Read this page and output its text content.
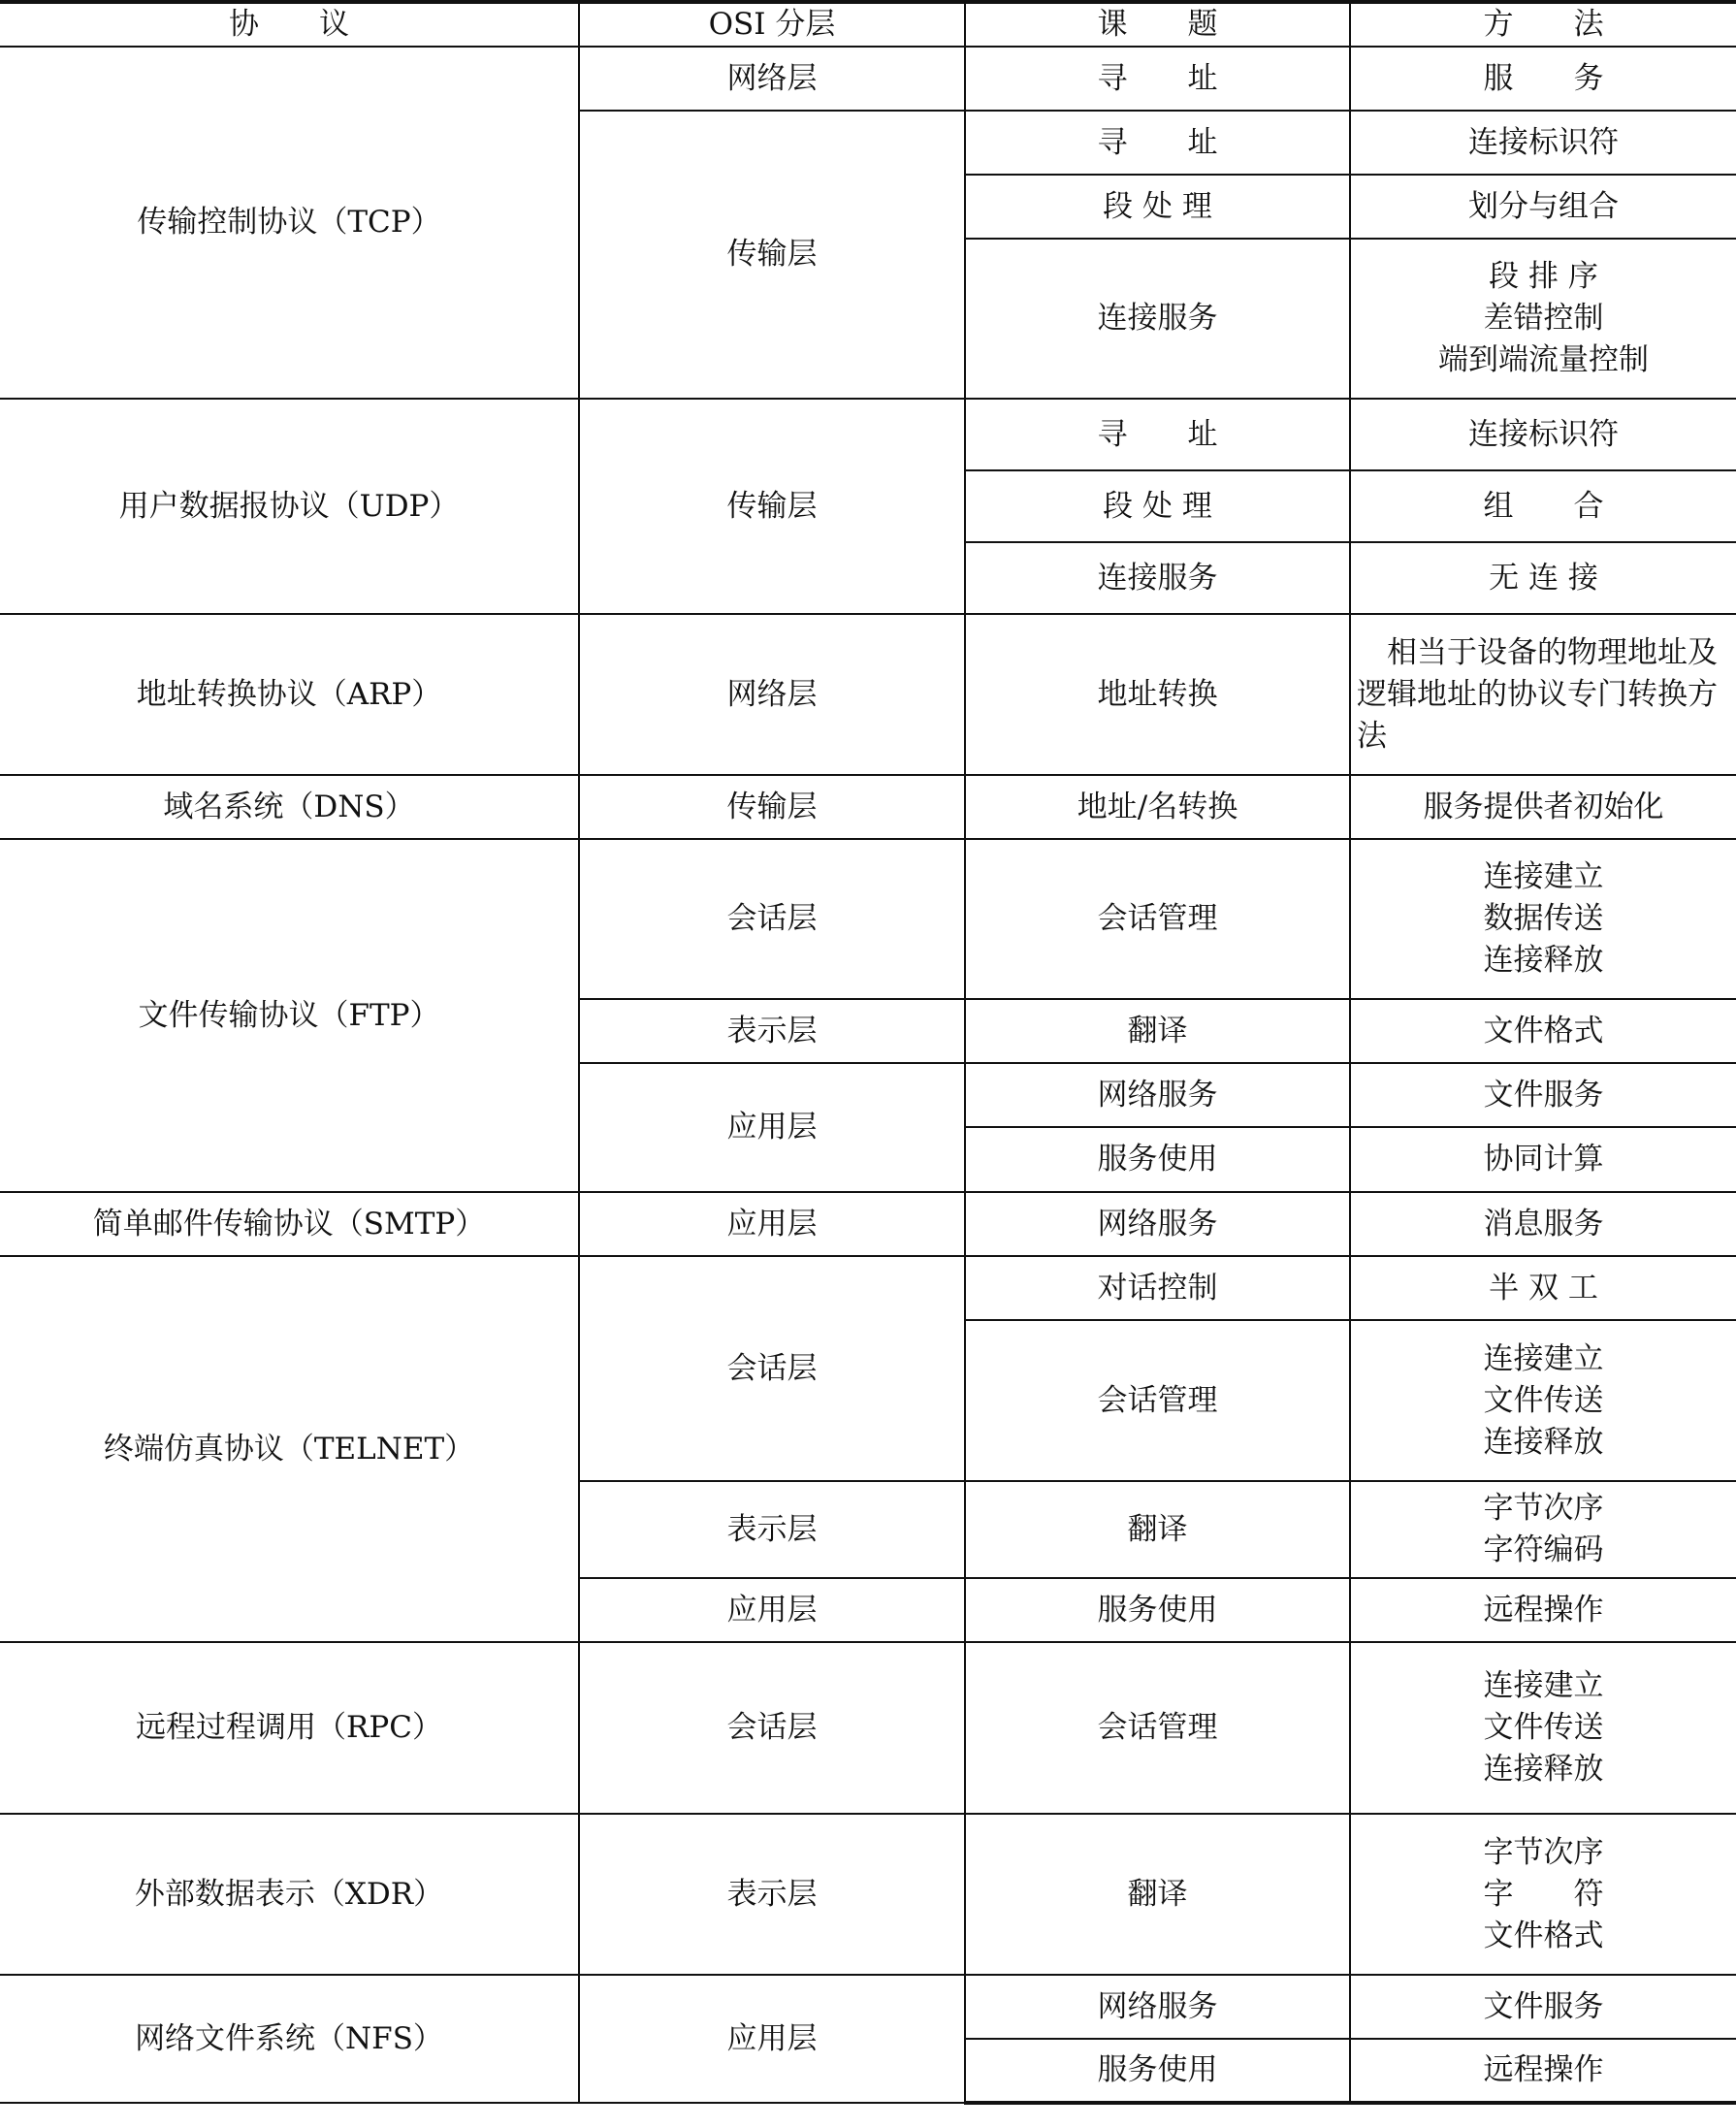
协　　议	OSI 分层	课　　题	方　　法
传输控制协议（TCP）	网络层	寻　　址	服　　务

	传输层	寻　　址	连接标识符

		段 处 理	划分与组合

		连接服务	段 排 序
差错控制
端到端流量控制

用户数据报协议（UDP）	传输层	寻　　址	连接标识符

		段 处 理	组　　合

		连接服务	无 连 接

地址转换协议（ARP）	网络层	地址转换	相当于设备的物理地址及逻辑地址的协议专门转换方法
域名系统（DNS）	传输层	地址/名转换	服务提供者初始化

文件传输协议（FTP）	会话层	会话管理	连接建立
数据传送
连接释放

	表示层	翻译	文件格式

	应用层	网络服务	文件服务

		服务使用	协同计算

简单邮件传输协议（SMTP）	应用层	网络服务	消息服务

终端仿真协议（TELNET）	会话层	对话控制	半 双 工

		会话管理	连接建立
文件传送
连接释放

	表示层	翻译	字节次序
字符编码

	应用层	服务使用	远程操作

远程过程调用（RPC）	会话层	会话管理	连接建立
文件传送
连接释放

外部数据表示（XDR）	表示层	翻译	字节次序
字　　符
文件格式

网络文件系统（NFS）	应用层	网络服务	文件服务

		服务使用	远程操作
